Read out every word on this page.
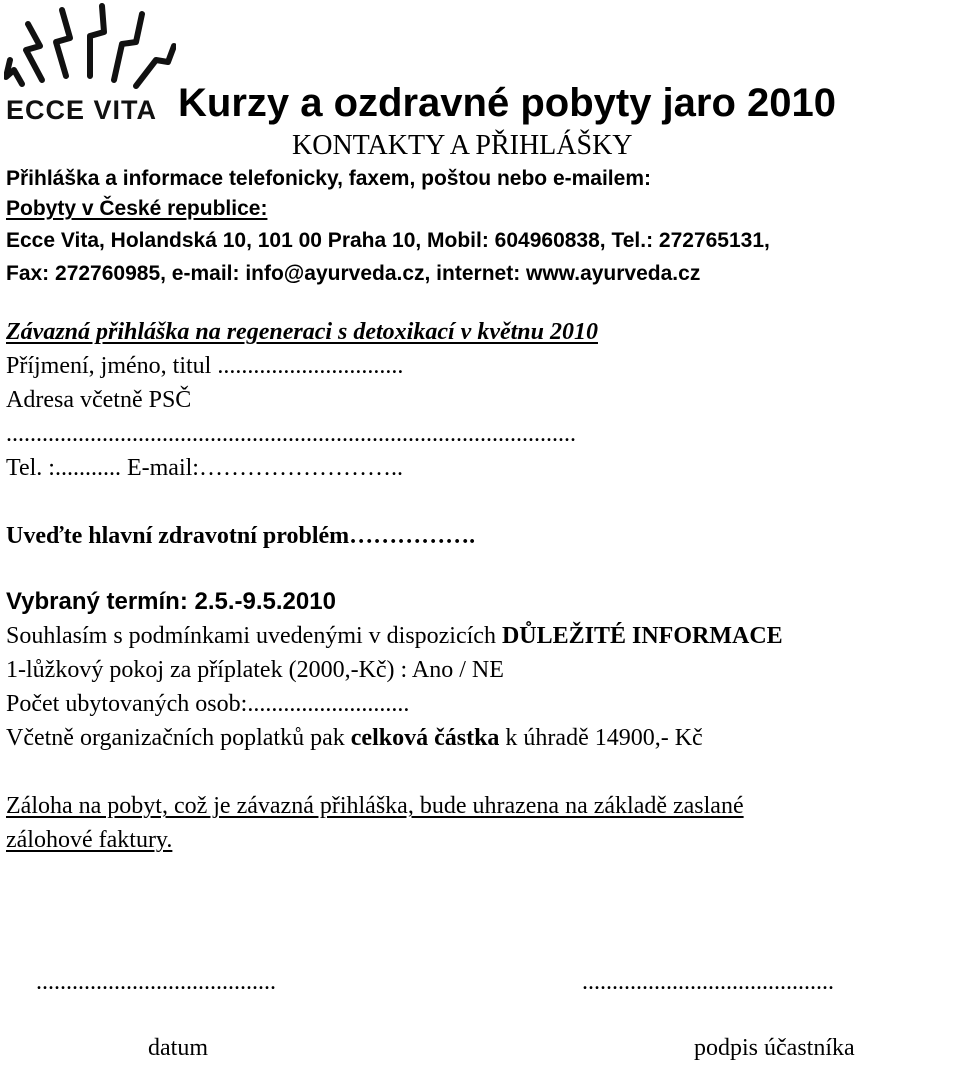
ECCE VITA Kurzy a ozdravné pobyty jaro 2010
KONTAKTY A PŘIHLÁŠKY
Přihláška a informace telefonicky, faxem, poštou nebo e-mailem:
Pobyty v České republice:
Ecce Vita, Holandská 10, 101 00 Praha 10, Mobil: 604960838, Tel.: 272765131,
Fax: 272760985, e-mail: info@ayurveda.cz, internet: www.ayurveda.cz
Závazná přihláška na regeneraci s detoxikací v květnu 2010
Příjmení, jméno, titul ...............................
Adresa včetně PSČ
...............................................................................................
Tel. :........... E-mail:……………………..
Uveďte hlavní zdravotní problém…………….
Vybraný termín: 2.5.-9.5.2010
Souhlasím s podmínkami uvedenými v dispozicích DŮLEŽITÉ INFORMACE
1-lůžkový pokoj za příplatek (2000,-Kč) : Ano / NE
Počet ubytovaných osob:...........................
Včetně organizačních poplatků pak celková částka k úhradě 14900,- Kč
Záloha na pobyt, což je závazná přihláška, bude uhrazena na základě zaslané
zálohové faktury.
........................................	..........................................
datum	podpis účastníka
